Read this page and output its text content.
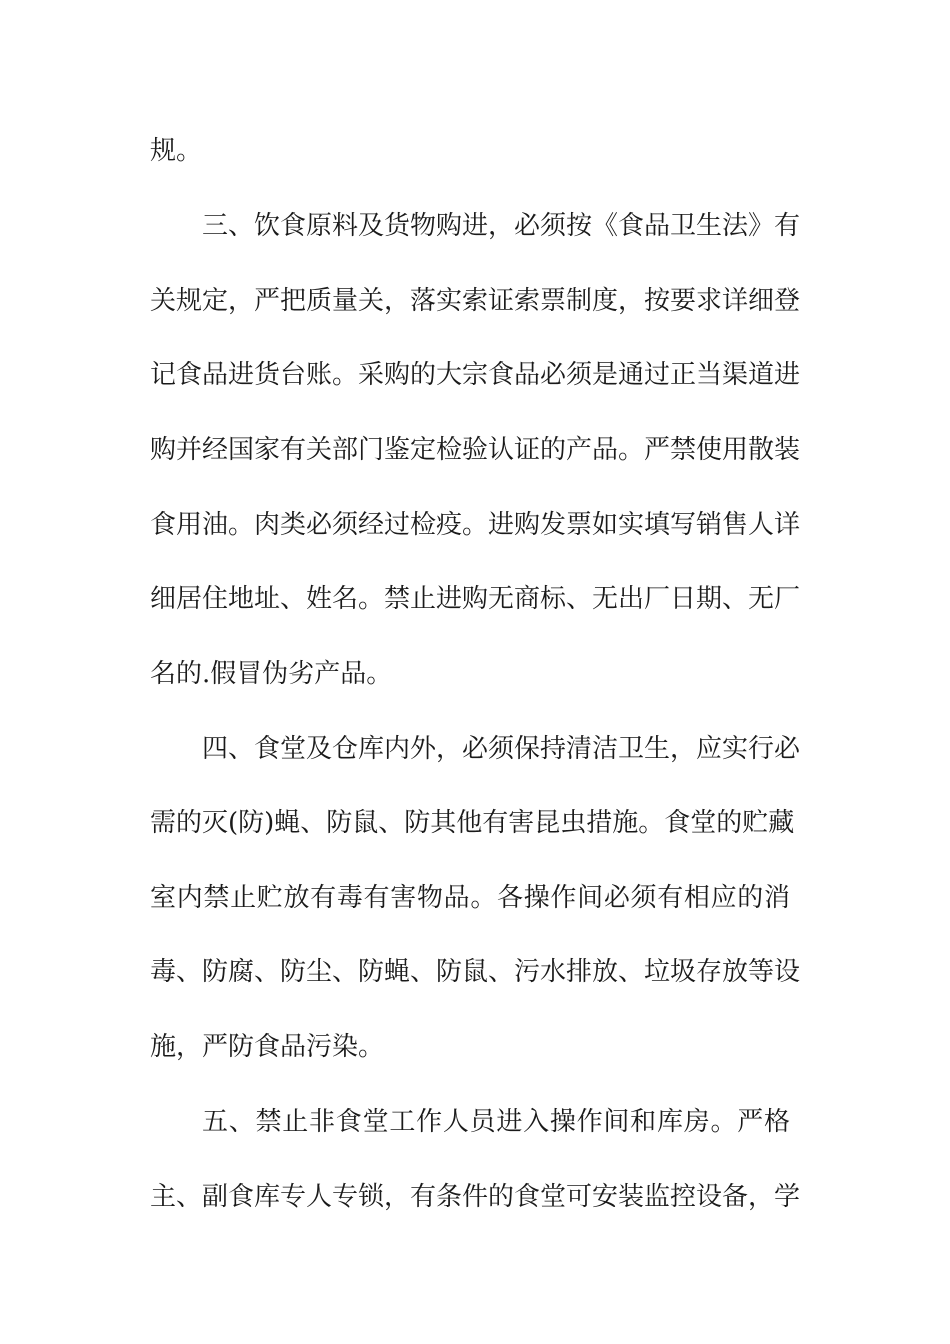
规。
三、饮食原料及货物购进，必须按《食品卫生法》有
关规定，严把质量关，落实索证索票制度，按要求详细登
记食品进货台账。采购的大宗食品必须是通过正当渠道进
购并经国家有关部门鉴定检验认证的产品。严禁使用散装
食用油。肉类必须经过检疫。进购发票如实填写销售人详
细居住地址、姓名。禁止进购无商标、无出厂日期、无厂
名的.假冒伪劣产品。
四、食堂及仓库内外，必须保持清洁卫生，应实行必
需的灭(防)蝇、防鼠、防其他有害昆虫措施。食堂的贮藏
室内禁止贮放有毒有害物品。各操作间必须有相应的消
毒、防腐、防尘、防蝇、防鼠、污水排放、垃圾存放等设
施，严防食品污染。
五、禁止非食堂工作人员进入操作间和库房。严格
主、副食库专人专锁，有条件的食堂可安装监控设备，学
